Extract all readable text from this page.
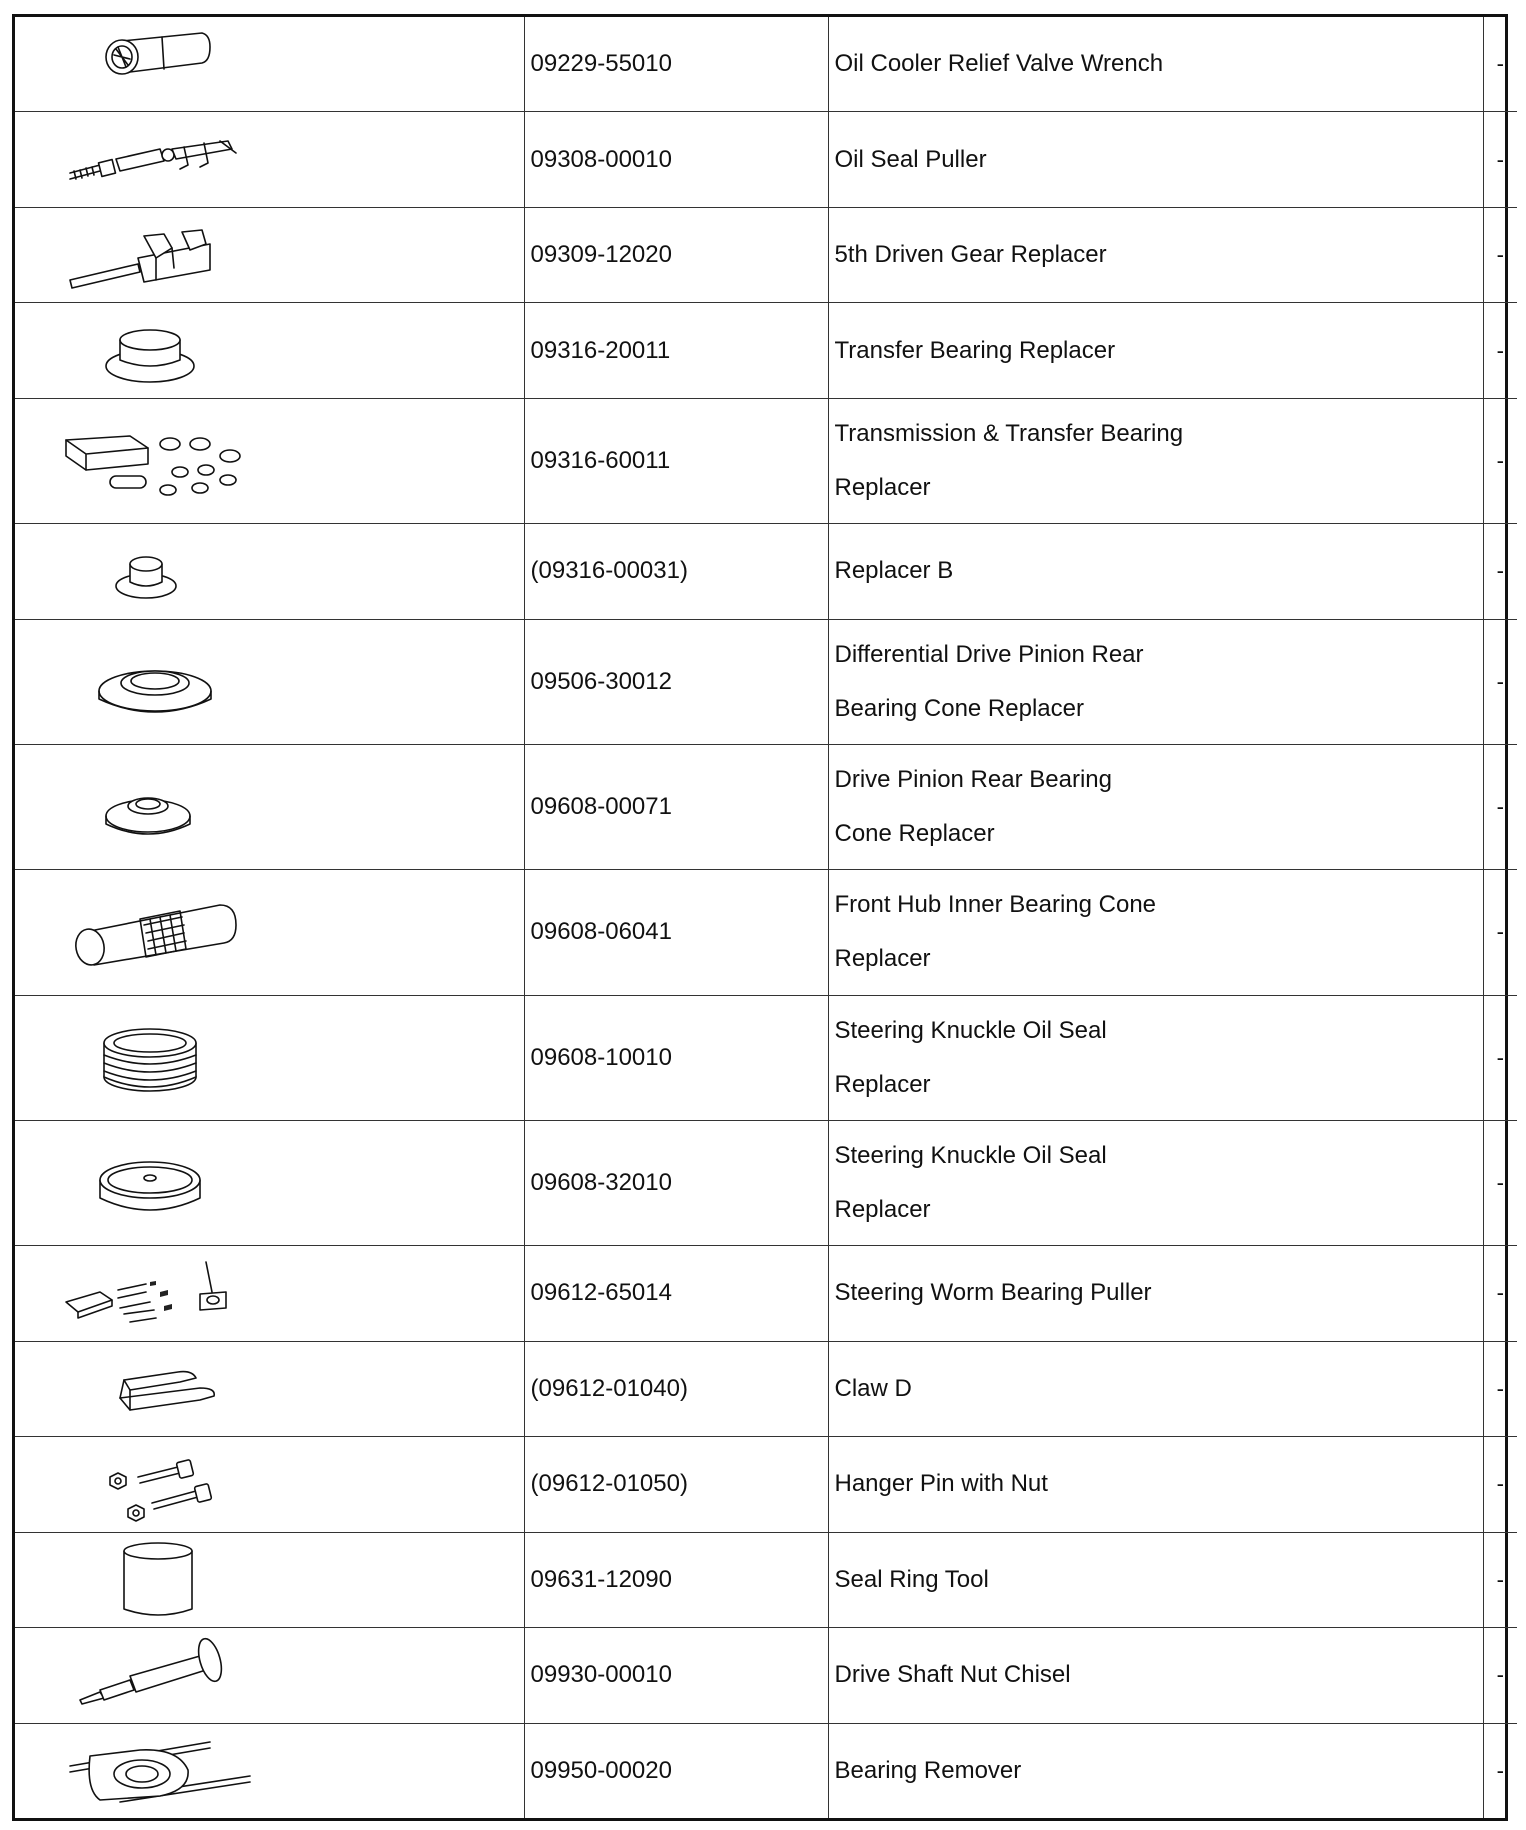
	09229-55010	Oil Cooler Relief Valve Wrench	-

	09308-00010	Oil Seal Puller	-

	09309-12020	5th Driven Gear Replacer	-

	09316-20011	Transfer Bearing Replacer	-

	09316-60011	Transmission & Transfer Bearing
Replacer	-

	(09316-00031)	Replacer B	-

	09506-30012	Differential Drive Pinion Rear
Bearing Cone Replacer	-

	09608-00071	Drive Pinion Rear Bearing
Cone Replacer	-

	09608-06041	Front Hub Inner Bearing Cone
Replacer	-

	09608-10010	Steering Knuckle Oil Seal
Replacer	-

	09608-32010	Steering Knuckle Oil Seal
Replacer	-

	09612-65014	Steering Worm Bearing Puller	-

	(09612-01040)	Claw D	-

	(09612-01050)	Hanger Pin with Nut	-

	09631-12090	Seal Ring Tool	-

	09930-00010	Drive Shaft Nut Chisel	-

	09950-00020	Bearing Remover	-
